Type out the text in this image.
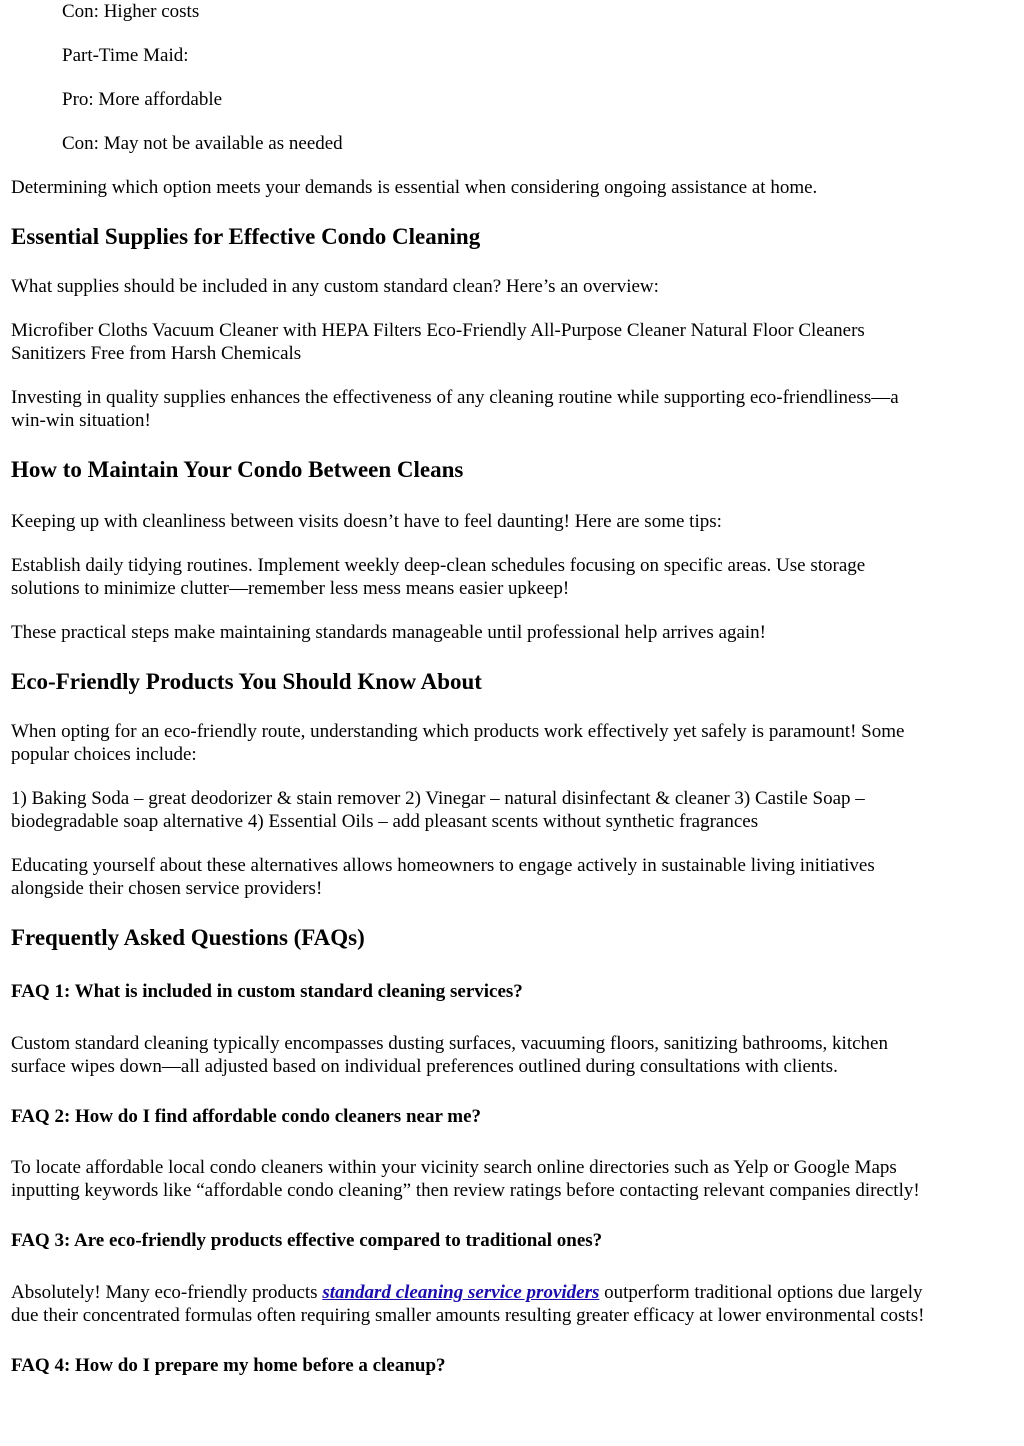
Con: Higher costs
Part-Time Maid:
Pro: More affordable
Con: May not be available as needed
Determining which option meets your demands is essential when considering ongoing assistance at home.
Essential Supplies for Effective Condo Cleaning
What supplies should be included in any custom standard clean? Here’s an overview:
Microfiber Cloths Vacuum Cleaner with HEPA Filters Eco-Friendly All-Purpose Cleaner Natural Floor Cleaners
Sanitizers Free from Harsh Chemicals
Investing in quality supplies enhances the effectiveness of any cleaning routine while supporting eco-friendliness—a
win-win situation!
How to Maintain Your Condo Between Cleans
Keeping up with cleanliness between visits doesn’t have to feel daunting! Here are some tips:
Establish daily tidying routines. Implement weekly deep-clean schedules focusing on specific areas. Use storage
solutions to minimize clutter—remember less mess means easier upkeep!
These practical steps make maintaining standards manageable until professional help arrives again!
Eco-Friendly Products You Should Know About
When opting for an eco-friendly route, understanding which products work effectively yet safely is paramount! Some
popular choices include:
1) Baking Soda – great deodorizer & stain remover 2) Vinegar – natural disinfectant & cleaner 3) Castile Soap –
biodegradable soap alternative 4) Essential Oils – add pleasant scents without synthetic fragrances
Educating yourself about these alternatives allows homeowners to engage actively in sustainable living initiatives
alongside their chosen service providers!
Frequently Asked Questions (FAQs)
FAQ 1: What is included in custom standard cleaning services?
Custom standard cleaning typically encompasses dusting surfaces, vacuuming floors, sanitizing bathrooms, kitchen
surface wipes down—all adjusted based on individual preferences outlined during consultations with clients.
FAQ 2: How do I find affordable condo cleaners near me?
To locate affordable local condo cleaners within your vicinity search online directories such as Yelp or Google Maps
inputting keywords like “affordable condo cleaning” then review ratings before contacting relevant companies directly!
FAQ 3: Are eco-friendly products effective compared to traditional ones?
Absolutely! Many eco-friendly products standard cleaning service providers outperform traditional options due largely
due their concentrated formulas often requiring smaller amounts resulting greater efficacy at lower environmental costs!
FAQ 4: How do I prepare my home before a cleanup?
